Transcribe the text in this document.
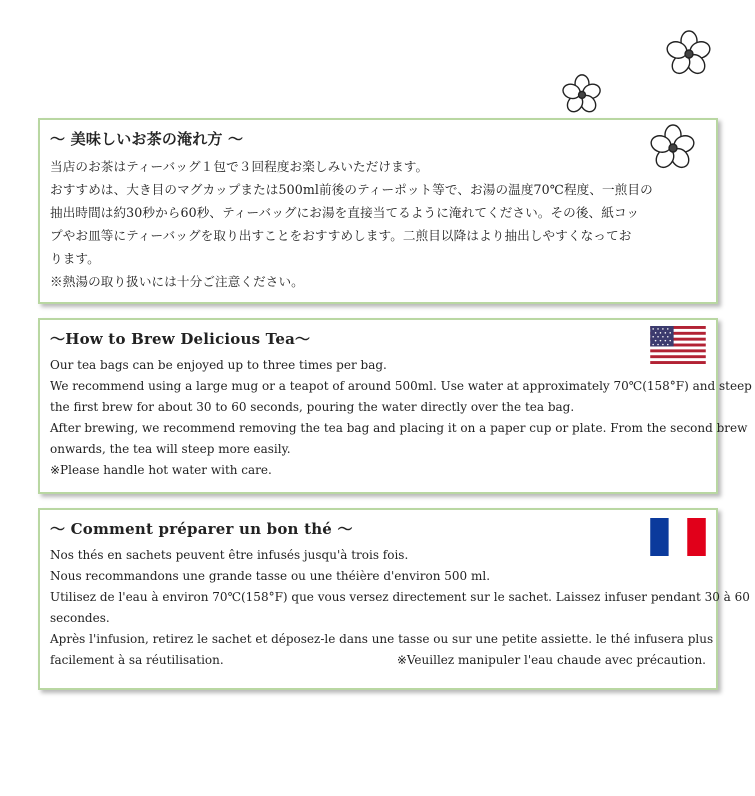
〜 美味しいお茶の淹れ方 〜
当店のお茶はティーバッグ１包で３回程度お楽しみいただけます。
おすすめは、大き目のマグカップまたは500ml前後のティーポット等で、お湯の温度70℃程度、一煎目の
抽出時間は約30秒から60秒、ティーバッグにお湯を直接当てるように淹れてください。その後、紙コッ
プやお皿等にティーバッグを取り出すことをおすすめします。二煎目以降はより抽出しやすくなってお
ります。
※熱湯の取り扱いには十分ご注意ください。
〜How to Brew Delicious Tea〜
Our tea bags can be enjoyed up to three times per bag.
We recommend using a large mug or a teapot of around 500ml. Use water at approximately 70℃(158°F) and steep
the first brew for about 30 to 60 seconds, pouring the water directly over the tea bag.
After brewing, we recommend removing the tea bag and placing it on a paper cup or plate. From the second brew
onwards, the tea will steep more easily.
※Please handle hot water with care.
〜 Comment préparer un bon thé 〜
Nos thés en sachets peuvent être infusés jusqu'à trois fois.
Nous recommandons une grande tasse ou une théière d'environ 500 ml.
Utilisez de l'eau à environ 70℃(158°F) que vous versez directement sur le sachet. Laissez infuser pendant 30 à 60
secondes.
Après l'infusion, retirez le sachet et déposez-le dans une tasse ou sur une petite assiette. le thé infusera plus
facilement à sa réutilisation.	※Veuillez manipuler l'eau chaude avec précaution.
